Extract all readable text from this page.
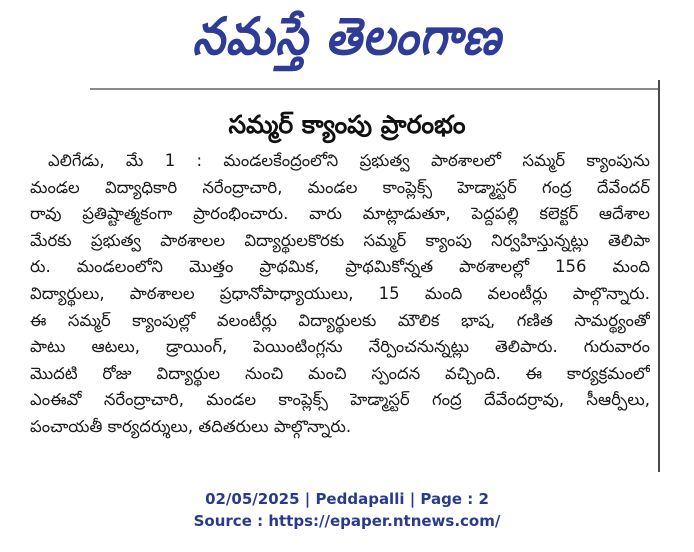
నమస్తే తెలంగాణ
సమ్మర్ క్యాంపు ప్రారంభం
ఎలిగేడు, మే 1 : మండలకేంద్రంలోని ప్రభుత్వ పాఠశాలలో సమ్మర్ క్యాంపును
మండల విద్యాధికారి నరేంద్రాచారి, మండల కాంప్లెక్స్ హెడ్మాస్టర్ గంద్ర దేవేందర్
రావు ప్రతిష్టాత్మకంగా ప్రారంభించారు. వారు మాట్లాడుతూ, పెద్దపల్లి కలెక్టర్ ఆదేశాల
మేరకు ప్రభుత్వ పాఠశాలల విద్యార్థులకొరకు సమ్మర్ క్యాంపు నిర్వహిస్తున్నట్లు తెలిపా
రు. మండలంలోని మొత్తం ప్రాథమిక, ప్రాథమికోన్నత పాఠశాలల్లో 156 మంది
విద్యార్థులు, పాఠశాలల ప్రధానోపాధ్యాయులు, 15 మంది వలంటీర్లు పాల్గొన్నారు.
ఈ సమ్మర్ క్యాంపుల్లో వలంటీర్లు విద్యార్థులకు మౌలిక భాష, గణిత సామర్థ్యంతో
పాటు ఆటలు, డ్రాయింగ్, పెయింటింగ్లను నేర్పించనున్నట్లు తెలిపారు. గురువారం
మొదటి రోజు విద్యార్థుల నుంచి మంచి స్పందన వచ్చింది. ఈ కార్యక్రమంలో
ఎంఈవో నరేంద్రాచారి, మండల కాంప్లెక్స్ హెడ్మాస్టర్ గంద్ర దేవేందర్రావు, సీఆర్పీలు,
పంచాయతీ కార్యదర్శులు, తదితరులు పాల్గొన్నారు.
02/05/2025 | Peddapalli | Page : 2
Source : https://epaper.ntnews.com/
